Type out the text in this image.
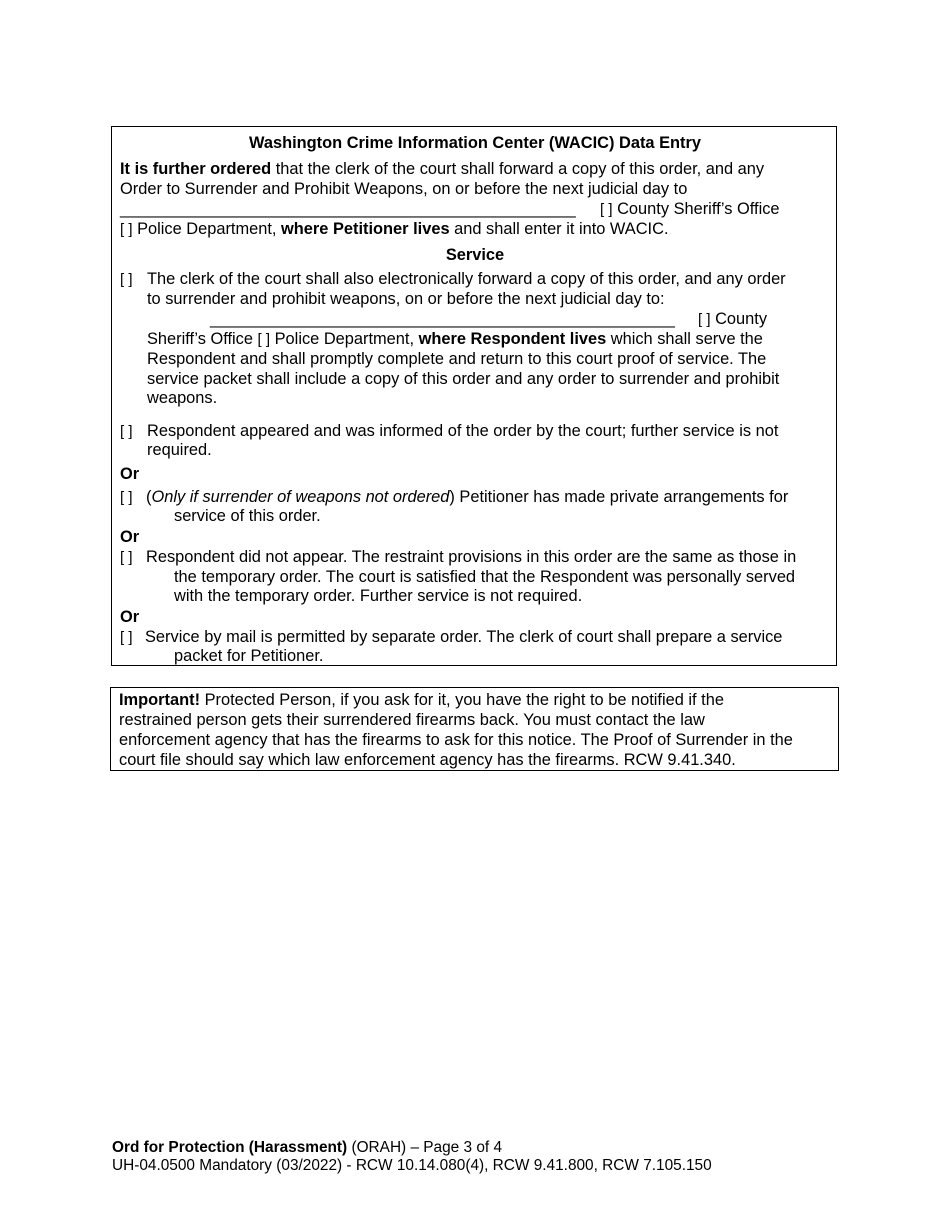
Washington Crime Information Center (WACIC) Data Entry
It is further ordered that the clerk of the court shall forward a copy of this order, and any
Order to Surrender and Prohibit Weapons, on or before the next judicial day to
__________________________________________________ [ ] County Sheriff’s Office
[ ] Police Department, where Petitioner lives and shall enter it into WACIC.
Service
[ ] The clerk of the court shall also electronically forward a copy of this order, and any order
to surrender and prohibit weapons, on or before the next judicial day to:
___________________________________________________ [ ] County
Sheriff’s Office [ ] Police Department, where Respondent lives which shall serve the
Respondent and shall promptly complete and return to this court proof of service. The
service packet shall include a copy of this order and any order to surrender and prohibit
weapons.
[ ] Respondent appeared and was informed of the order by the court; further service is not
required.
Or
[ ] (Only if surrender of weapons not ordered) Petitioner has made private arrangements for
service of this order.
Or
[ ] Respondent did not appear. The restraint provisions in this order are the same as those in
the temporary order. The court is satisfied that the Respondent was personally served
with the temporary order. Further service is not required.
Or
[ ] Service by mail is permitted by separate order. The clerk of court shall prepare a service
packet for Petitioner.
Important! Protected Person, if you ask for it, you have the right to be notified if the
restrained person gets their surrendered firearms back. You must contact the law
enforcement agency that has the firearms to ask for this notice. The Proof of Surrender in the
court file should say which law enforcement agency has the firearms. RCW 9.41.340.
Ord for Protection (Harassment) (ORAH) – Page 3 of 4
UH-04.0500 Mandatory (03/2022) - RCW 10.14.080(4), RCW 9.41.800, RCW 7.105.150
